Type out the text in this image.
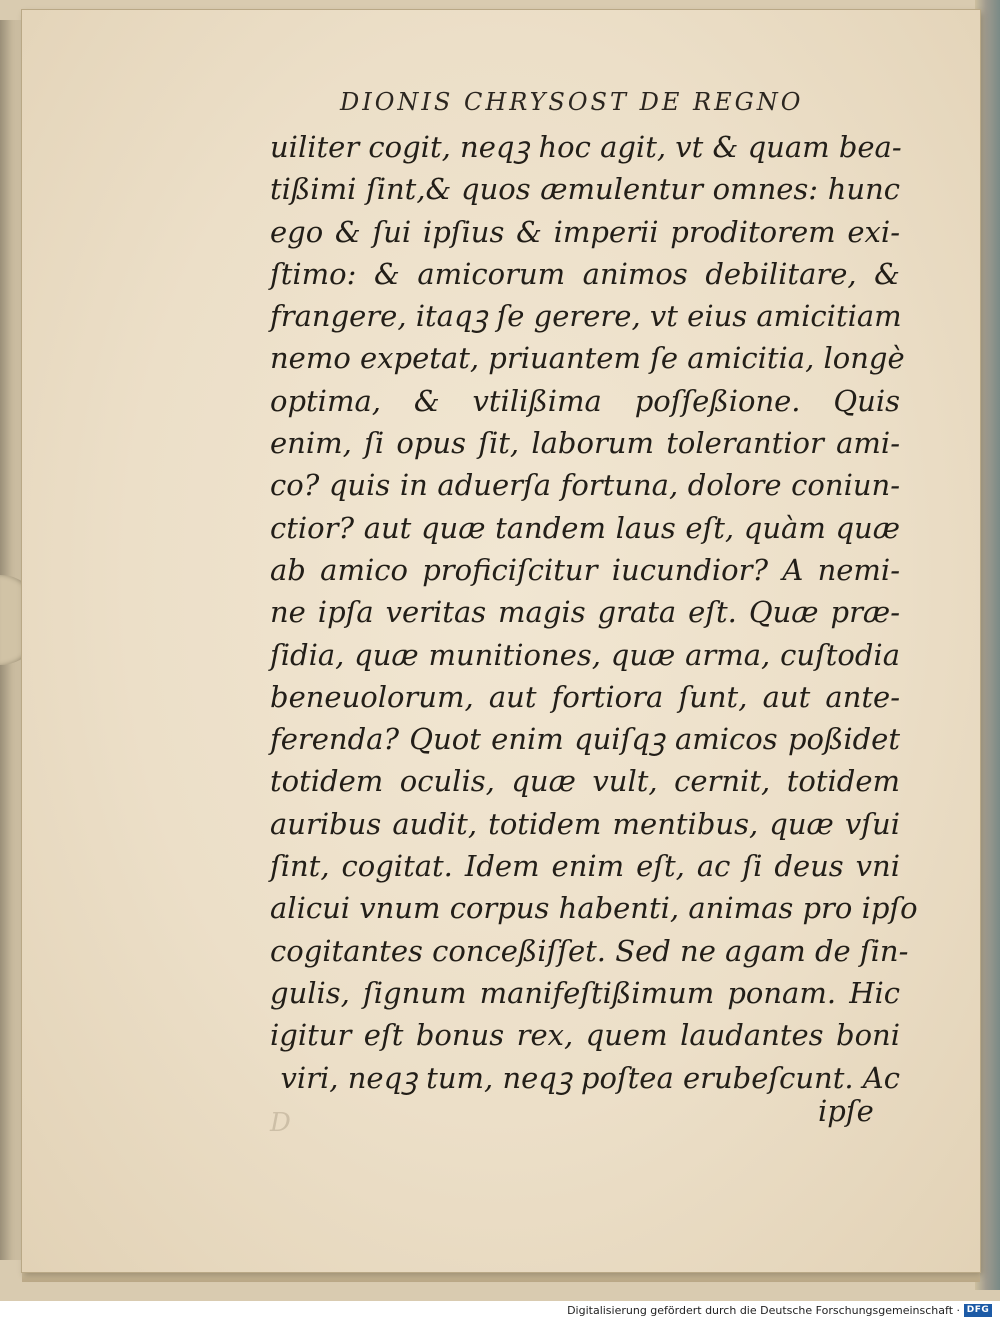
DIONIS CHRYSOST DE REGNO
uiliter cogit, neqꝫ hoc agit, vt & quam bea-
tißimi ſint,& quos æmulentur omnes: hunc
ego & ſui ipſius & imperii proditorem exi-
ſtimo: & amicorum animos debilitare, &
frangere, itaqꝫ ſe gerere, vt eius amicitiam
nemo expetat, priuantem ſe amicitia, longè
optima, & vtilißima poſſeßione. Quis
enim, ſi opus ſit, laborum tolerantior ami-
co? quis in aduerſa fortuna, dolore coniun-
ctior? aut quæ tandem laus eſt, quàm quæ
ab amico proficiſcitur iucundior? A nemi-
ne ipſa veritas magis grata eſt. Quæ præ-
ſidia, quæ munitiones, quæ arma, cuſtodia
beneuolorum, aut fortiora ſunt, aut ante-
ferenda? Quot enim quiſqꝫ amicos poßidet
totidem oculis, quæ vult, cernit, totidem
auribus audit, totidem mentibus, quæ vſui
ſint, cogitat. Idem enim eſt, ac ſi deus vni
alicui vnum corpus habenti, animas pro ipſo
cogitantes conceßiſſet. Sed ne agam de ſin-
gulis, ſignum manifeſtißimum ponam. Hic
igitur eſt bonus rex, quem laudantes boni
viri, neqꝫ tum, neqꝫ poſtea erubeſcunt. Ac
D	ipſe
Digitalisierung gefördert durch die Deutsche Forschungsgemeinschaft · DFG
